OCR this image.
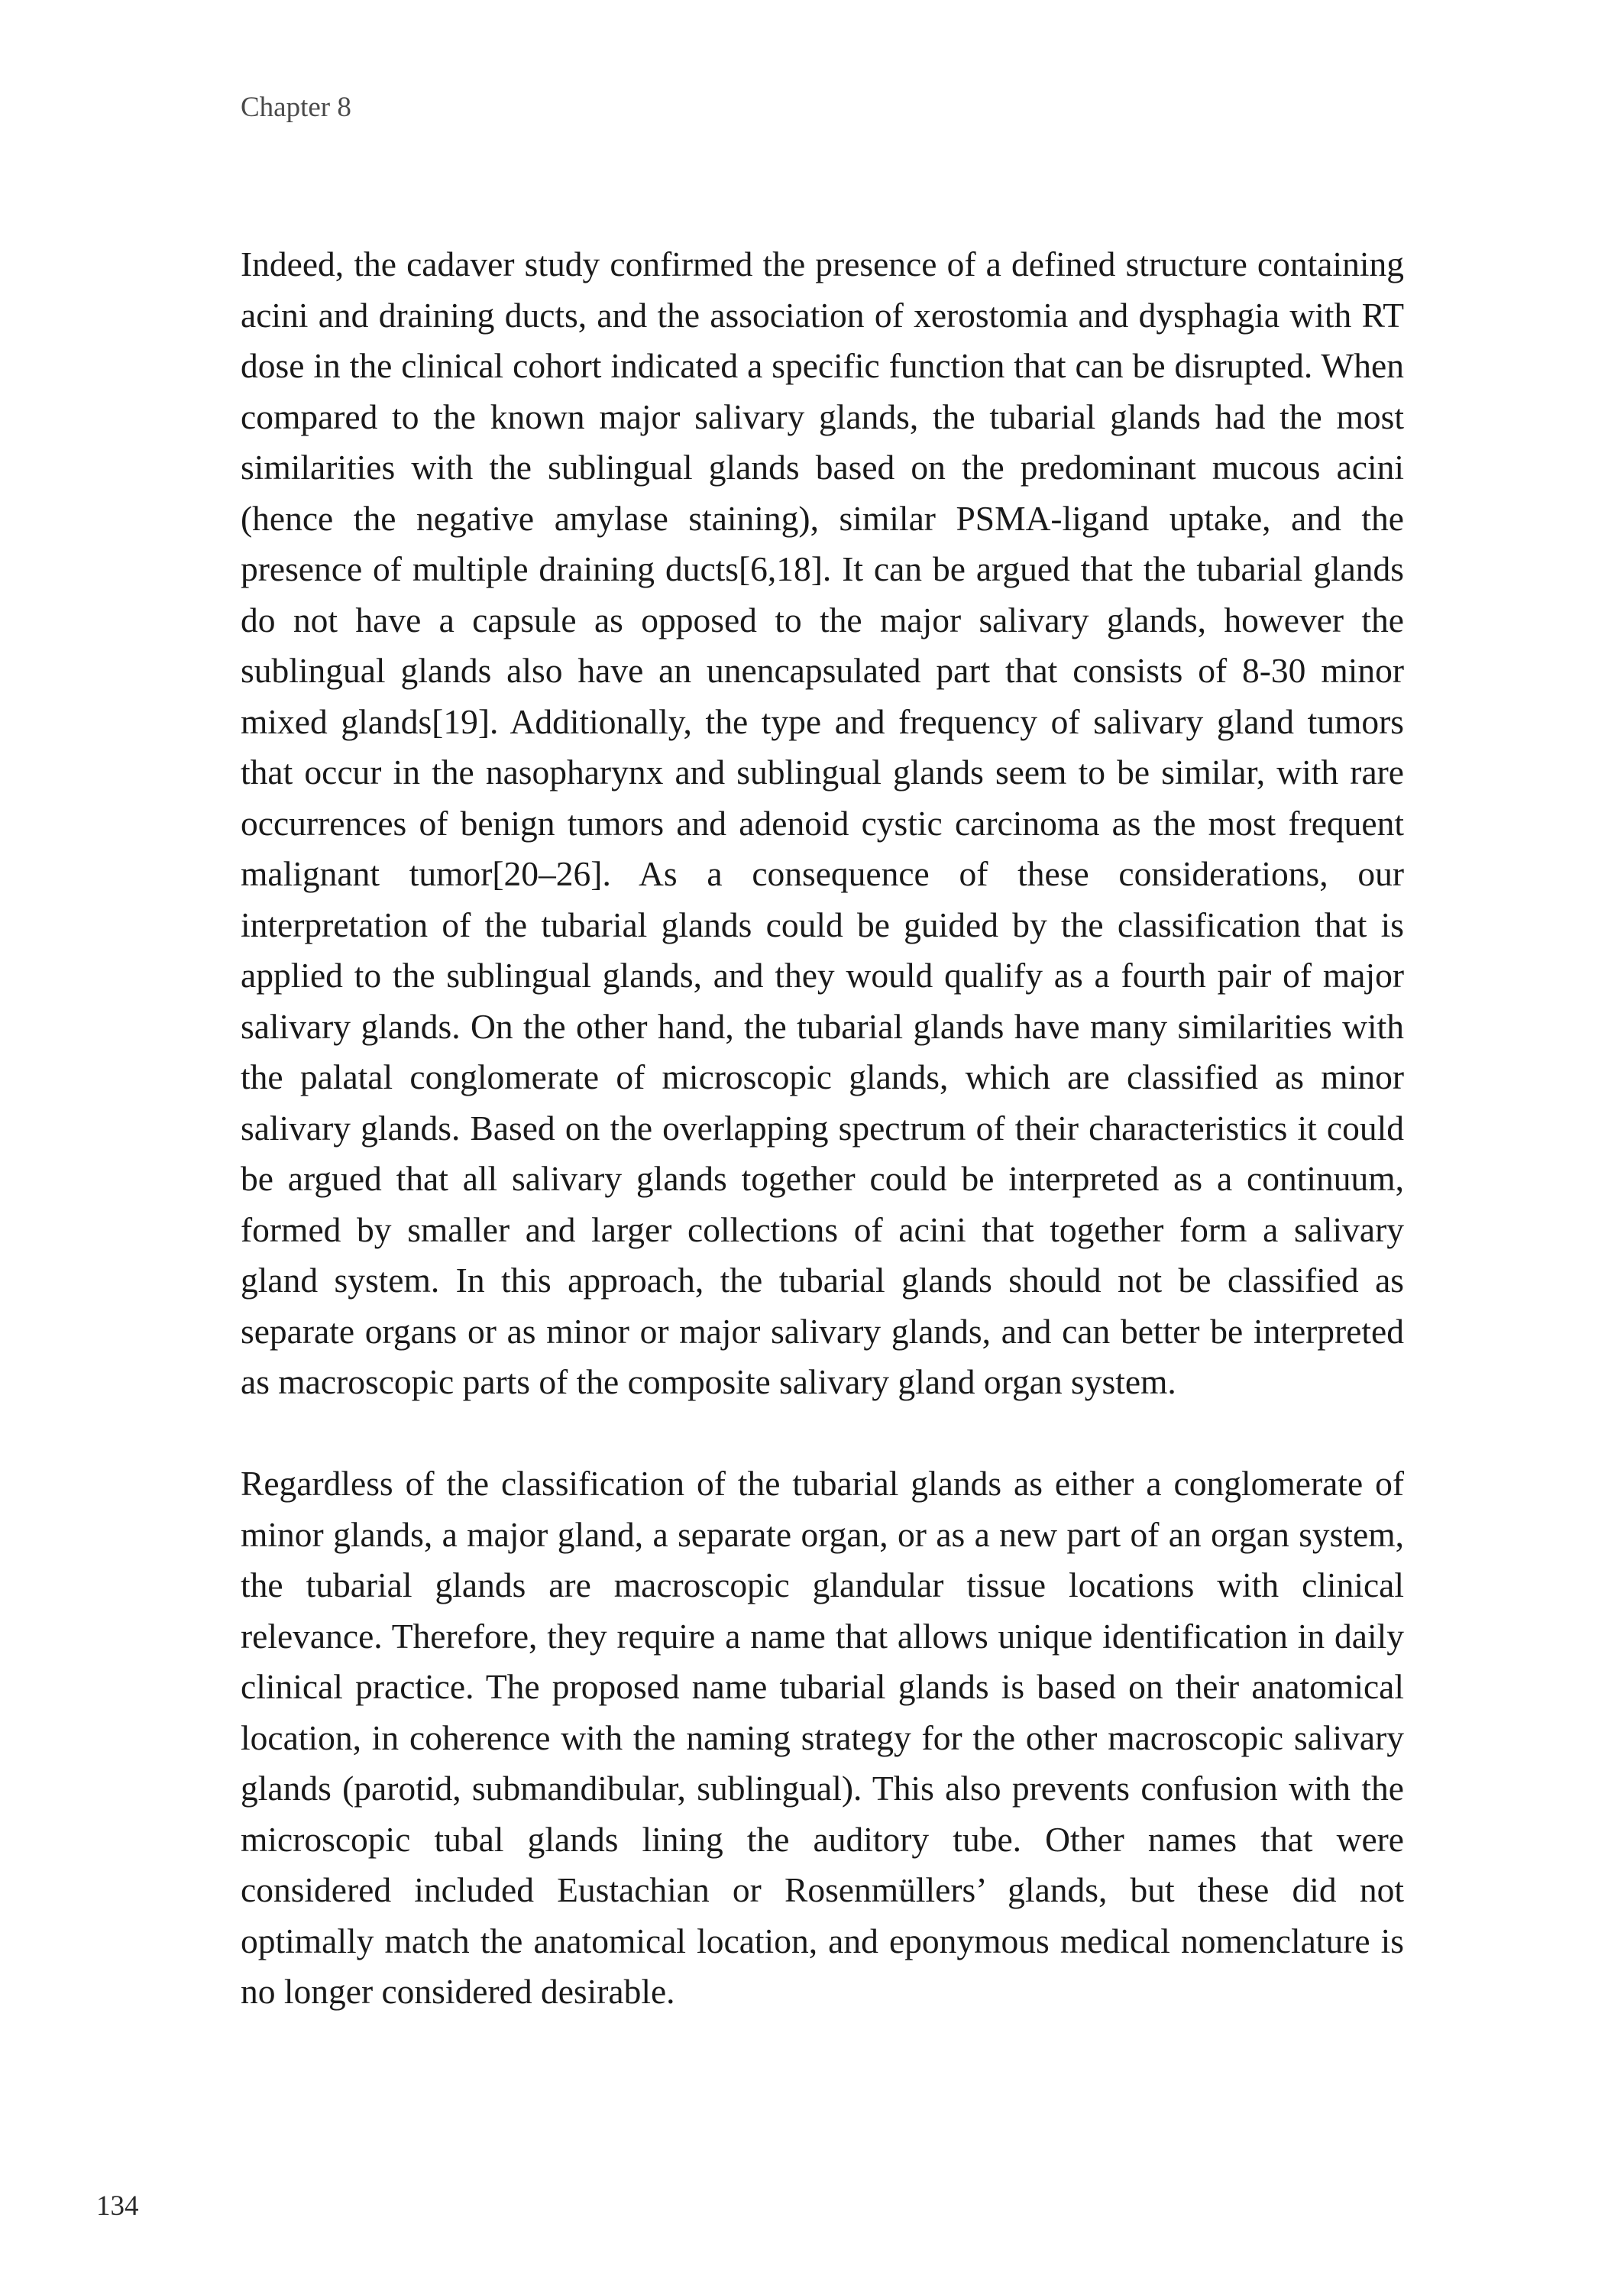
Chapter 8

Indeed, the cadaver study confirmed the presence of a defined structure containing acini and draining ducts, and the association of xerostomia and dysphagia with RT dose in the clinical cohort indicated a specific function that can be disrupted. When compared to the known major salivary glands, the tubarial glands had the most similarities with the sublingual glands based on the predominant mucous acini (hence the negative amylase staining), similar PSMA-ligand uptake, and the presence of multiple draining ducts[6,18]. It can be argued that the tubarial glands do not have a capsule as opposed to the major salivary glands, however the sublingual glands also have an unencapsulated part that consists of 8-30 minor mixed glands[19]. Additionally, the type and frequency of salivary gland tumors that occur in the nasopharynx and sublingual glands seem to be similar, with rare occurrences of benign tumors and adenoid cystic carcinoma as the most frequent malignant tumor[20–26]. As a consequence of these considerations, our interpretation of the tubarial glands could be guided by the classification that is applied to the sublingual glands, and they would qualify as a fourth pair of major salivary glands. On the other hand, the tubarial glands have many similarities with the palatal conglomerate of microscopic glands, which are classified as minor salivary glands. Based on the overlapping spectrum of their characteristics it could be argued that all salivary glands together could be interpreted as a continuum, formed by smaller and larger collections of acini that together form a salivary gland system. In this approach, the tubarial glands should not be classified as separate organs or as minor or major salivary glands, and can better be interpreted as macroscopic parts of the composite salivary gland organ system.

Regardless of the classification of the tubarial glands as either a conglomerate of minor glands, a major gland, a separate organ, or as a new part of an organ system, the tubarial glands are macroscopic glandular tissue locations with clinical relevance. Therefore, they require a name that allows unique identification in daily clinical practice. The proposed name tubarial glands is based on their anatomical location, in coherence with the naming strategy for the other macroscopic salivary glands (parotid, submandibular, sublingual). This also prevents confusion with the microscopic tubal glands lining the auditory tube. Other names that were considered included Eustachian or Rosenmüllers’ glands, but these did not optimally match the anatomical location, and eponymous medical nomenclature is no longer considered desirable.

134
